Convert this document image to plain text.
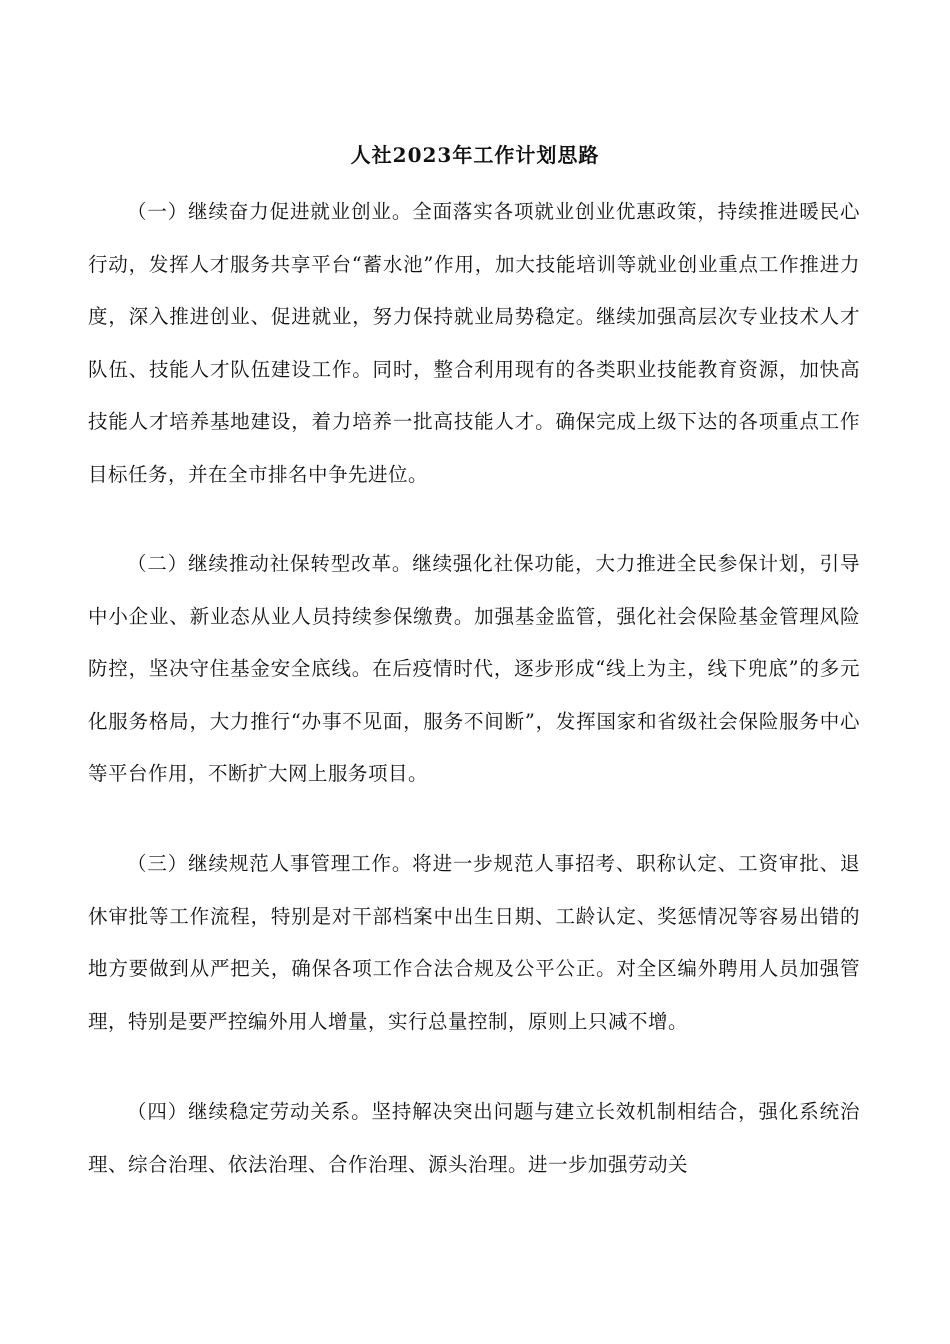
人社2023年工作计划思路

（一）继续奋力促进就业创业。全面落实各项就业创业优惠政策，持续推进暖民心行动，发挥人才服务共享平台“蓄水池”作用，加大技能培训等就业创业重点工作推进力度，深入推进创业、促进就业，努力保持就业局势稳定。继续加强高层次专业技术人才队伍、技能人才队伍建设工作。同时，整合利用现有的各类职业技能教育资源，加快高技能人才培养基地建设，着力培养一批高技能人才。确保完成上级下达的各项重点工作目标任务，并在全市排名中争先进位。

（二）继续推动社保转型改革。继续强化社保功能，大力推进全民参保计划，引导中小企业、新业态从业人员持续参保缴费。加强基金监管，强化社会保险基金管理风险防控，坚决守住基金安全底线。在后疫情时代，逐步形成“线上为主，线下兜底”的多元化服务格局，大力推行“办事不见面，服务不间断”，发挥国家和省级社会保险服务中心等平台作用，不断扩大网上服务项目。

（三）继续规范人事管理工作。将进一步规范人事招考、职称认定、工资审批、退休审批等工作流程，特别是对干部档案中出生日期、工龄认定、奖惩情况等容易出错的地方要做到从严把关，确保各项工作合法合规及公平公正。对全区编外聘用人员加强管理，特别是要严控编外用人增量，实行总量控制，原则上只减不增。

（四）继续稳定劳动关系。坚持解决突出问题与建立长效机制相结合，强化系统治理、综合治理、依法治理、合作治理、源头治理。进一步加强劳动关
